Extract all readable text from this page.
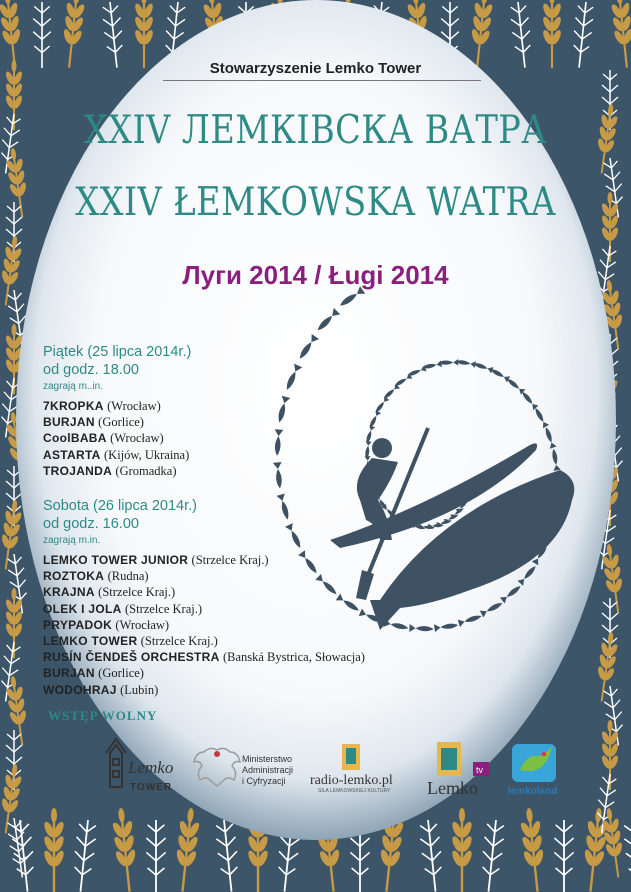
Stowarzyszenie Lemko Tower
XXIV ЛЕМКІВСКА ВАТРА
XXIV ŁEMKOWSKA WATRA
Луги 2014 / Ługi 2014
Piątek (25 lipca 2014r.)
od godz. 18.00
zagrają m..in.
7KROPKA (Wrocław)
BURJAN (Gorlice)
CoolBABA (Wrocław)
ASTARTA (Kijów, Ukraina)
TROJANDA (Gromadka)
Sobota (26 lipca 2014r.)
od godz. 16.00
zagrają m.in.
LEMKO TOWER JUNIOR (Strzelce Kraj.)
ROZTOKA (Rudna)
KRAJNA (Strzelce Kraj.)
OLEK I JOLA (Strzelce Kraj.)
PRYPADOK (Wrocław)
LEMKO TOWER (Strzelce Kraj.)
RUSÍN ČENDEŠ ORCHESTRA (Banská Bystrica, Słowacja)
BURJAN (Gorlice)
WODOHRAJ (Lubin)
WSTĘP WOLNY
Lemko
TOWER
Ministerstwo
Administracji
i Cyfryzacji	radio-lemko.pl
SILA LEMKOWSKIEJ KULTURY
tv
Lemko	lemkoland
